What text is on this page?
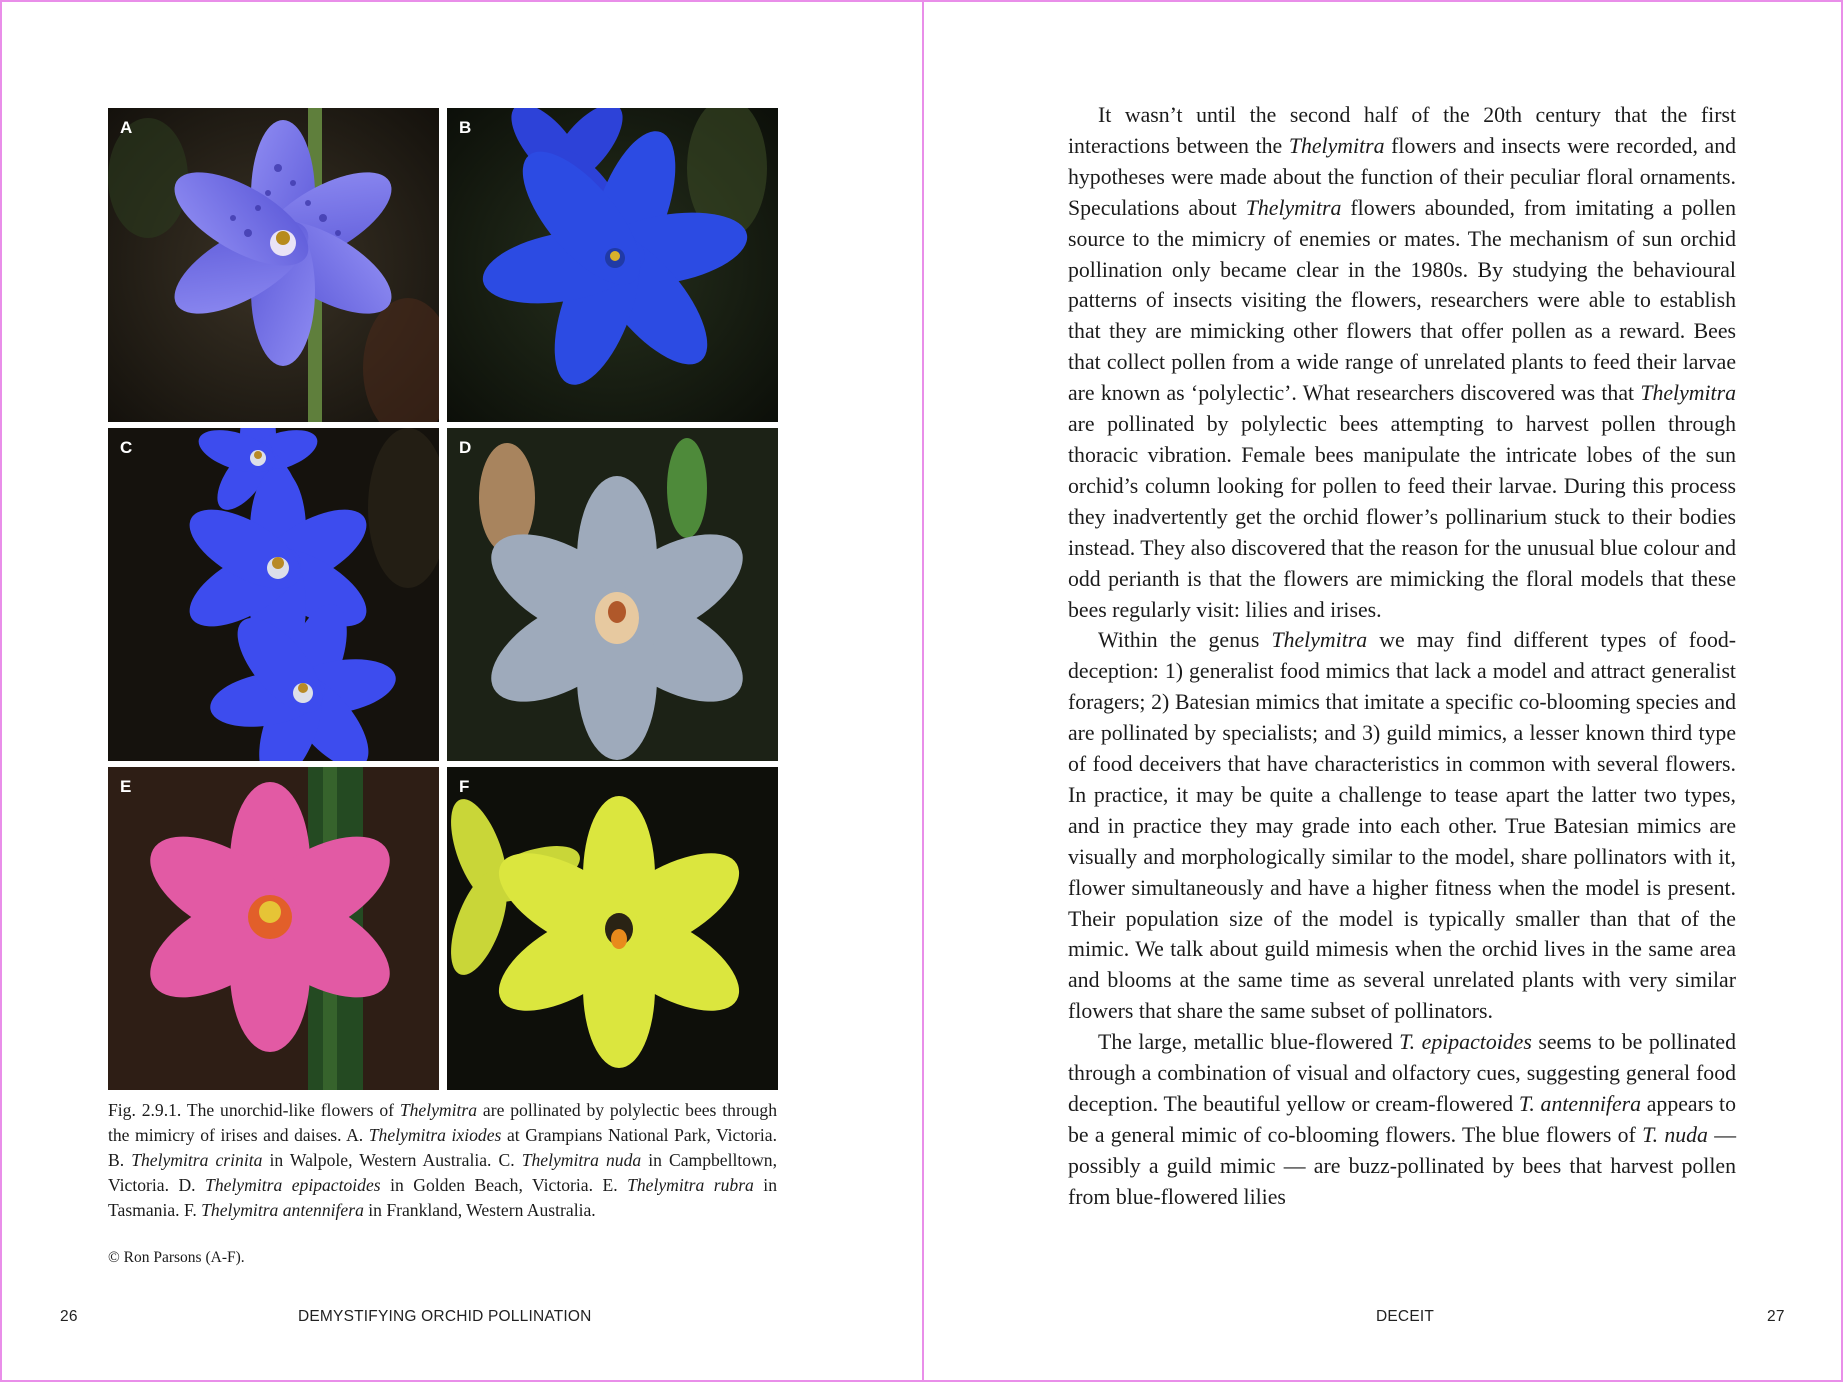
A	B
C	D
E	F
Fig. 2.9.1. The unorchid-like flowers of Thelymitra are pollinated by polylectic bees through the mimicry of irises and daises. A. Thelymitra ixiodes at Grampians National Park, Victoria. B. Thelymitra crinita in Walpole, Western Australia. C. Thelymitra nuda in Campbelltown, Victoria. D. Thelymitra epipactoides in Golden Beach, Victoria. E. Thelymitra rubra in Tasmania. F. Thelymitra antennifera in Frankland, Western Australia.
© Ron Parsons (A-F).
26	DEMYSTIFYING ORCHID POLLINATION	DECEIT	27

It wasn’t until the second half of the 20th century that the first interactions between the Thelymitra flowers and insects were recorded, and hypotheses were made about the function of their peculiar floral ornaments. Speculations about Thelymitra flowers abounded, from imitating a pollen source to the mimicry of enemies or mates. The mechanism of sun orchid pollination only became clear in the 1980s. By studying the behavioural patterns of insects visiting the flowers, researchers were able to establish that they are mimicking other flowers that offer pollen as a reward. Bees that collect pollen from a wide range of unrelated plants to feed their larvae are known as ‘polylectic’. What researchers discovered was that Thelymitra are pollinated by polylectic bees attempting to harvest pollen through thoracic vibration. Female bees manipulate the intricate lobes of the sun orchid’s column looking for pollen to feed their larvae. During this process they inadvertently get the orchid flower’s pollinarium stuck to their bodies instead. They also discovered that the reason for the unusual blue colour and odd perianth is that the flowers are mimicking the floral models that these bees regularly visit: lilies and irises.

Within the genus Thelymitra we may find different types of food-deception: 1) generalist food mimics that lack a model and attract generalist foragers; 2) Batesian mimics that imitate a specific co-blooming species and are pollinated by specialists; and 3) guild mimics, a lesser known third type of food deceivers that have characteristics in common with several flowers. In practice, it may be quite a challenge to tease apart the latter two types, and in practice they may grade into each other. True Batesian mimics are visually and morphologically similar to the model, share pollinators with it, flower simultaneously and have a higher fitness when the model is present. Their population size of the model is typically smaller than that of the mimic. We talk about guild mimesis when the orchid lives in the same area and blooms at the same time as several unrelated plants with very similar flowers that share the same subset of pollinators.

The large, metallic blue-flowered T. epipactoides seems to be pollinated through a combination of visual and olfactory cues, suggesting general food deception. The beautiful yellow or cream-flowered T. antennifera appears to be a general mimic of co-blooming flowers. The blue flowers of T. nuda — possibly a guild mimic — are buzz-pollinated by bees that harvest pollen from blue-flowered lilies
